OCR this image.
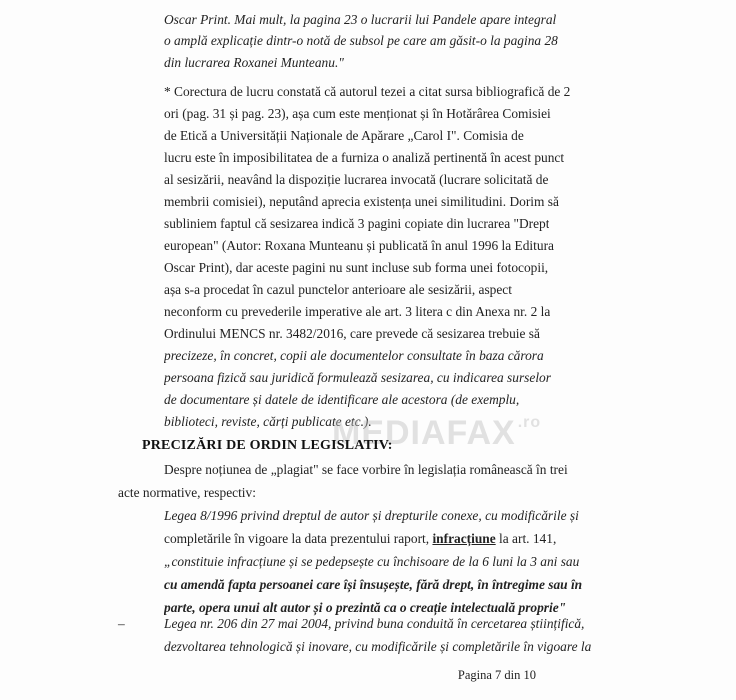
Oscar Print. Mai mult, la pagina 23 o lucrarii lui Pandele apare integral
o amplă explicație dintr-o notă de subsol pe care am găsit-o la pagina 28
din lucrarea Roxanei Munteanu."
* Corectura de lucru constată că autorul tezei a citat sursa bibliografică de 2
ori (pag. 31 și pag. 23), așa cum este menționat și în Hotărârea Comisiei
de Etică a Universității Naționale de Apărare „Carol I". Comisia de
lucru este în imposibilitatea de a furniza o analiză pertinentă în acest punct
al sesizării, neavând la dispoziție lucrarea invocată (lucrare solicitată de
membrii comisiei), neputând aprecia existența unei similitudini. Dorim să
subliniem faptul că sesizarea indică 3 pagini copiate din lucrarea "Drept
european" (Autor: Roxana Munteanu și publicată în anul 1996 la Editura
Oscar Print), dar aceste pagini nu sunt incluse sub forma unei fotocopii,
așa s-a procedat în cazul punctelor anterioare ale sesizării, aspect
neconform cu prevederile imperative ale art. 3 litera c din Anexa nr. 2 la
Ordinului MENCS nr. 3482/2016, care prevede că sesizarea trebuie să
precizeze, în concret, copii ale documentelor consultate în baza cărora
persoana fizică sau juridică formulează sesizarea, cu indicarea surselor
de documentare și datele de identificare ale acestora (de exemplu,
biblioteci, reviste, cărți publicate etc.).
MEDIAFAX $^{.ro}$
PRECIZĂRI DE ORDIN LEGISLATIV:
Despre noțiunea de „plagiat" se face vorbire în legislația românească în trei
acte normative, respectiv:
Legea 8/1996 privind dreptul de autor și drepturile conexe, cu modificările și
completările în vigoare la data prezentului raport, infracțiune la art. 141,
„constituie infracțiune și se pedepsește cu închisoare de la 6 luni la 3 ani sau
cu amendă fapta persoanei care își însușește, fără drept, în întregime sau în
parte, opera unui alt autor și o prezintă ca o creație intelectuală proprie"
–	Legea nr. 206 din 27 mai 2004, privind buna conduită în cercetarea științifică,
dezvoltarea tehnologică și inovare, cu modificările și completările în vigoare la
Pagina 7 din 10
